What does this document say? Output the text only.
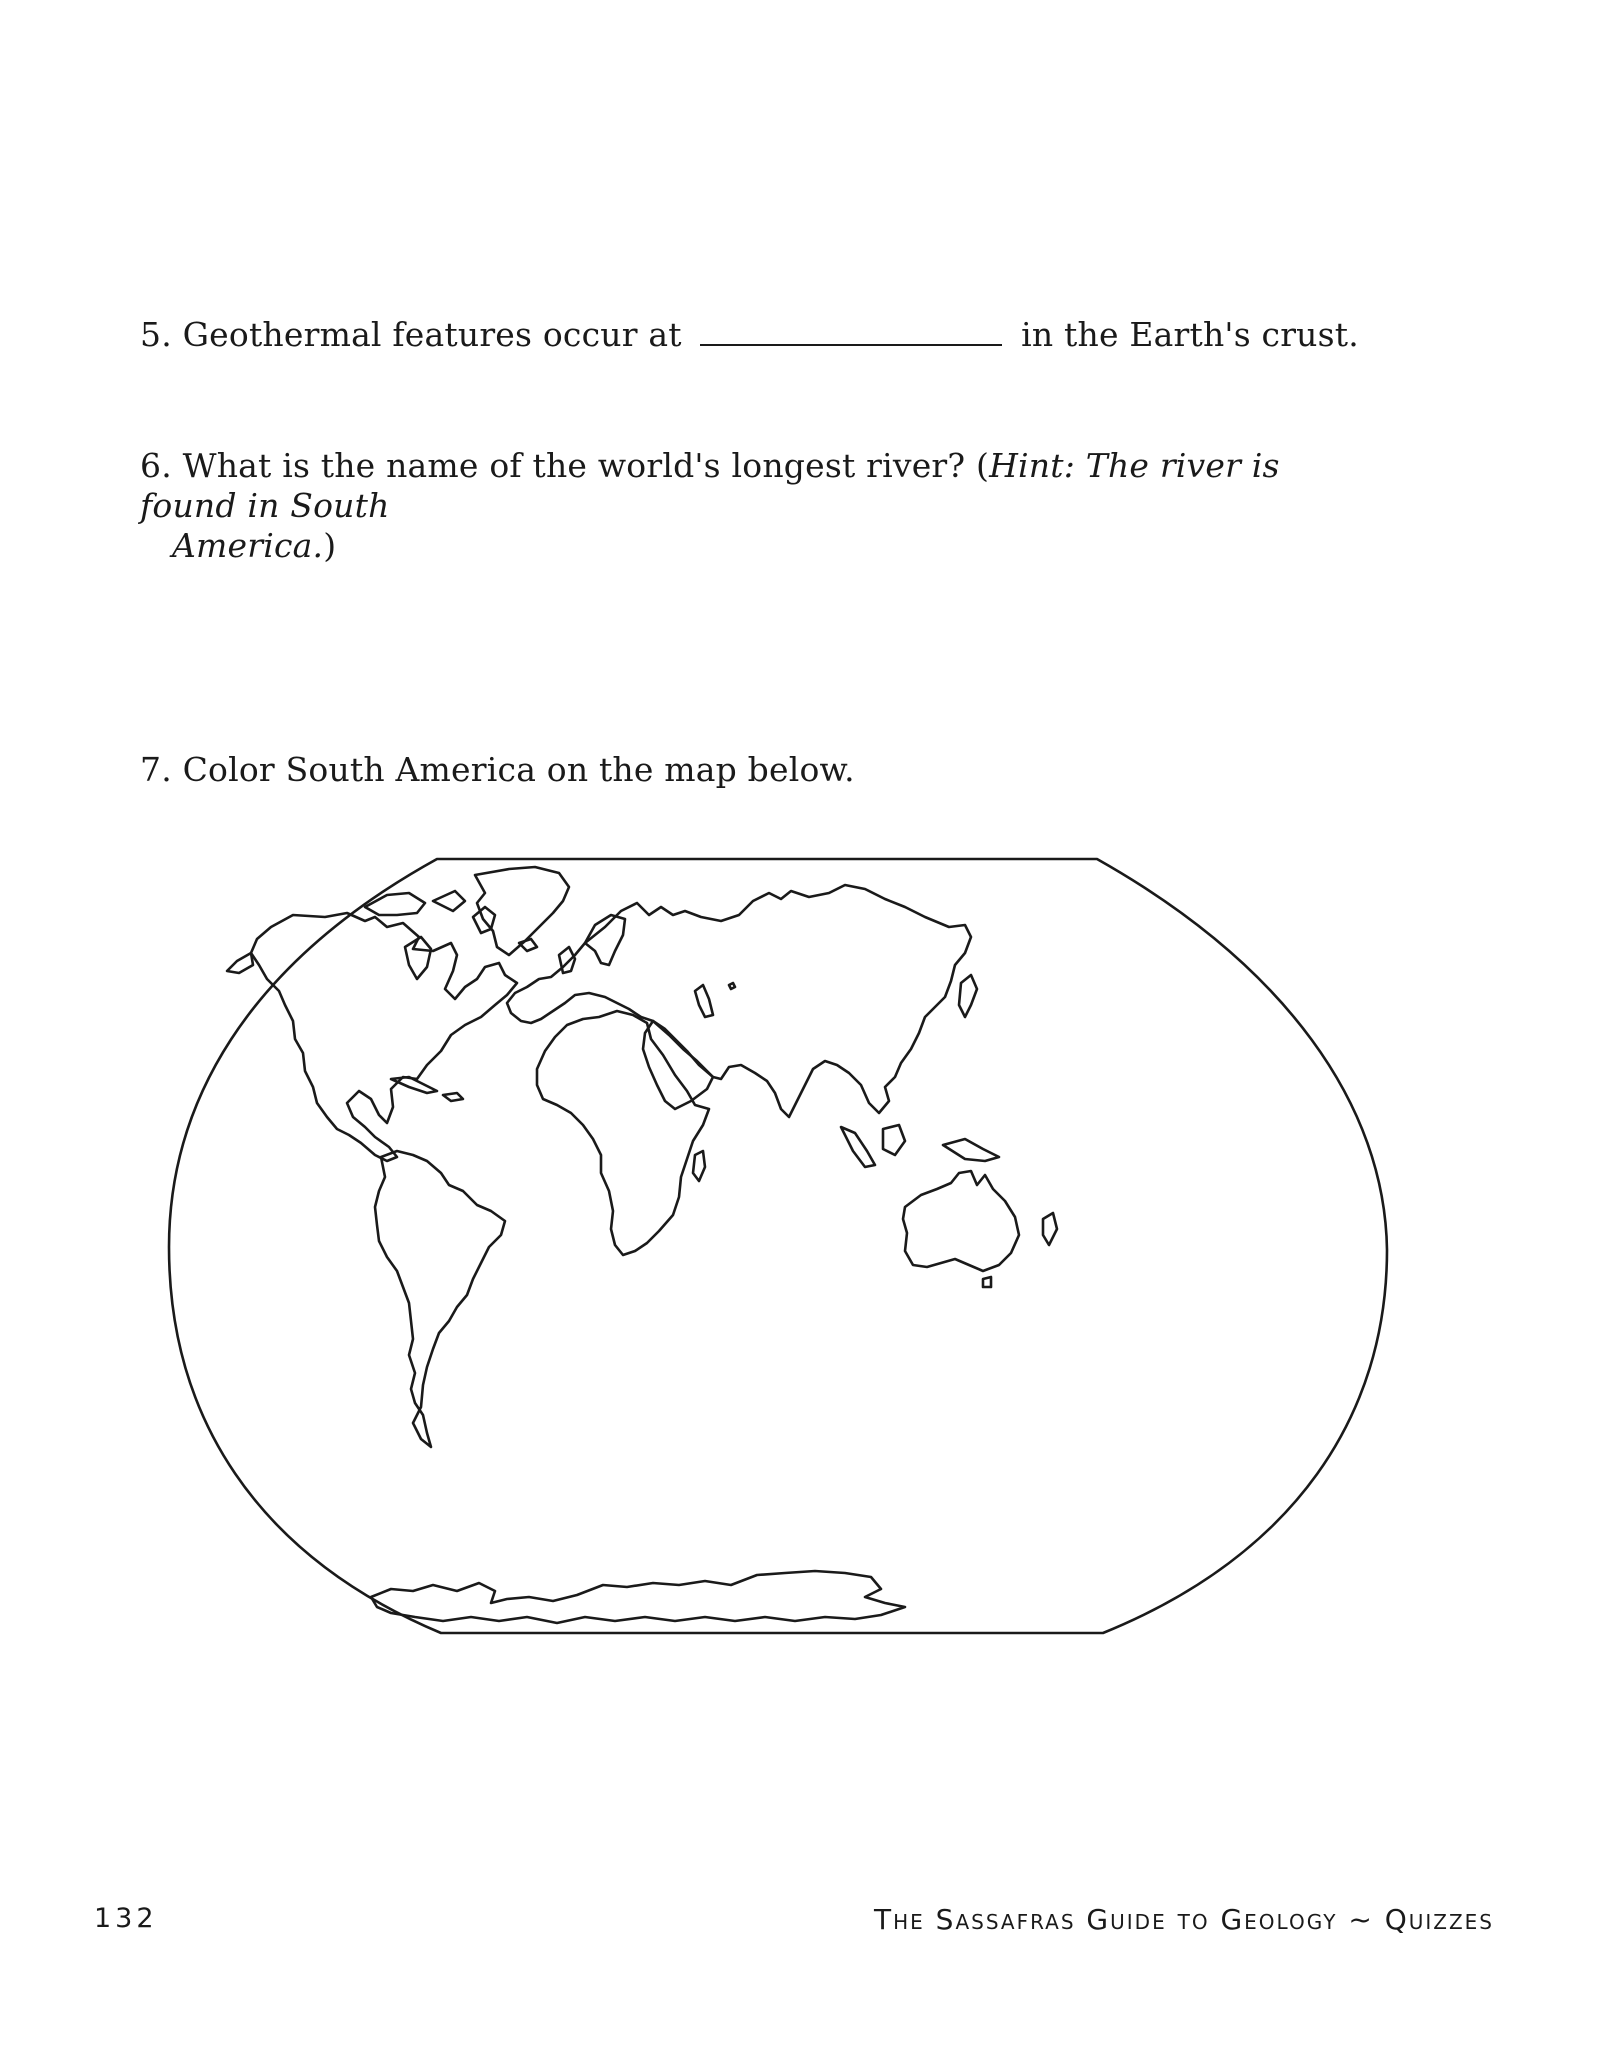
5. Geothermal features occur at	in the Earth's crust.
6. What is the name of the world's longest river? (Hint: The river is found in South
America.)
7. Color South America on the map below.
132	The Sassafras Guide to Geology ~ Quizzes
